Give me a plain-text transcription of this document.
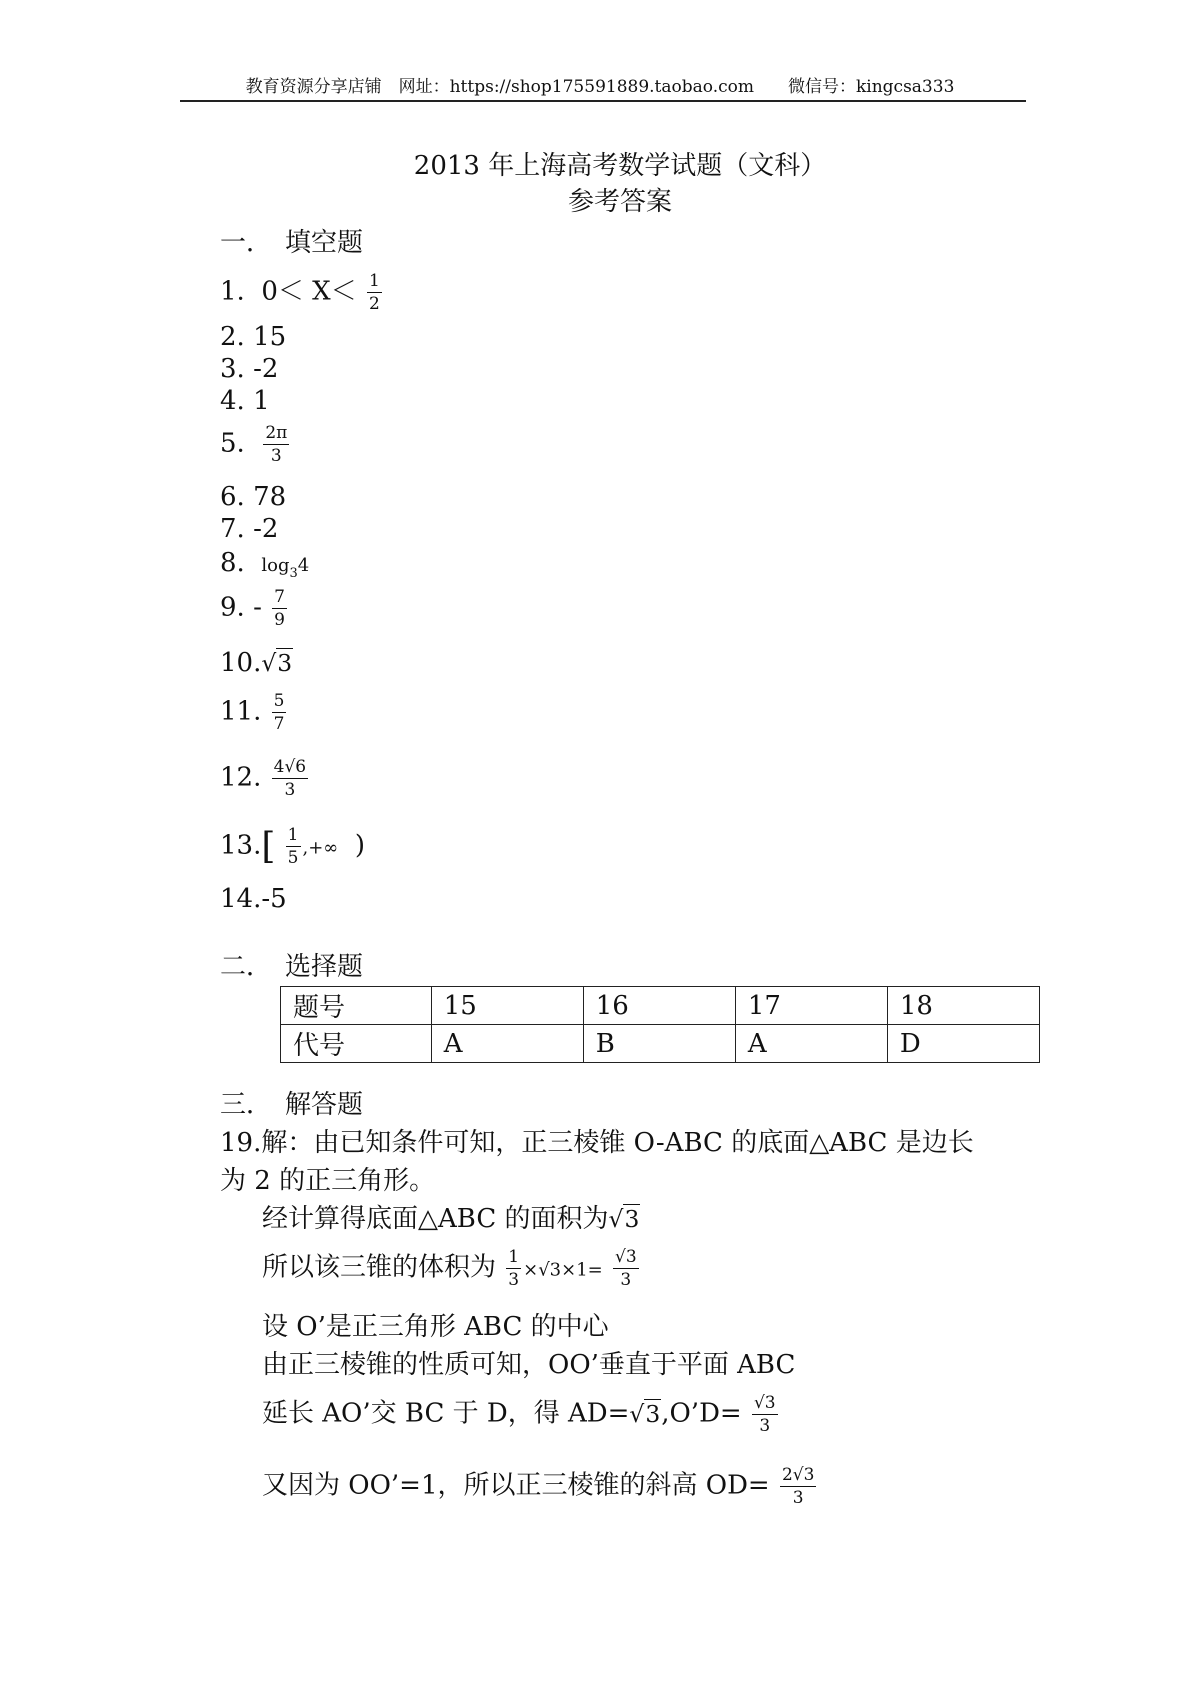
教育资源分享店铺　网址：https://shop175591889.taobao.com　　微信号：kingcsa333
2013 年上海高考数学试题（文科）
参考答案
一．　填空题
1. $0< X< \frac{1}{2}$
2. 15
3. -2
4. 1
5. $\frac{2\pi}{3}$
6. 78
7. -2
8. $\log_34$
9. - $\frac{7}{9}$
10.√3
11. $\frac{5}{7}$
12. $\frac{4√6}{3}$
$13.[ \frac{1}{5}$ ,+∞ )
14.-5
二．　选择题
题号	15	16	17	18
代号	A	B	A	D
三．　解答题
19.解：由已知条件可知，正三棱锥 O-ABC 的底面△ABC 是边长
为 2 的正三角形。
经计算得底面△ABC 的面积为√3
所以该三锥的体积为 $\frac{1}{3} \times√3\times 1= \frac{√3}{3}$
设 O’是正三角形 ABC 的中心
由正三棱锥的性质可知，OO’垂直于平面 ABC
延长 AO’交 BC 于 D，得 AD=√3,O’D= $\frac{√3}{3}$
又因为 OO’=1，所以正三棱锥的斜高 $OD= \frac{2√3}{3}$
